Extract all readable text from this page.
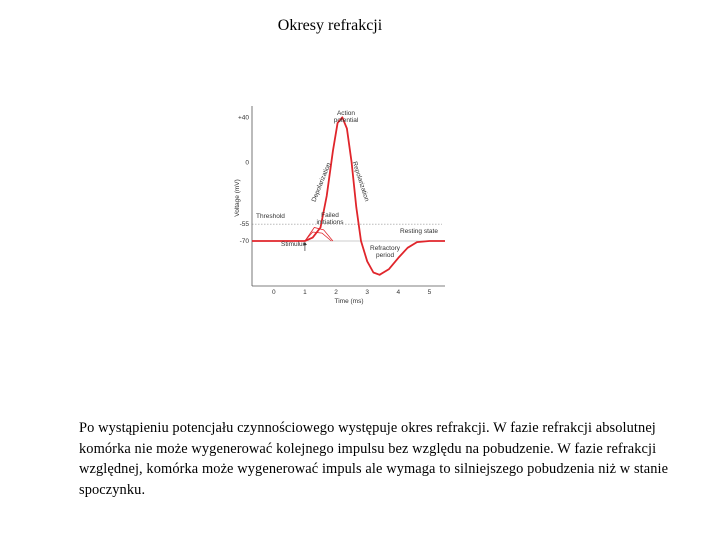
Okresy refrakcji
0	1	2	3	4	5
+40
0
-55
-70
Voltage (mV)
Time (ms)
Action
potential
Depolarization	Repolarization
Failed
initiations
Threshold
Resting state
Stimulus
Refractory
period
Po wystąpieniu potencjału czynnościowego występuje okres refrakcji. W fazie refrakcji absolutnej komórka nie może wygenerować kolejnego impulsu bez względu na pobudzenie. W fazie refrakcji względnej, komórka może wygenerować impuls ale wymaga to silniejszego pobudzenia niż w stanie spoczynku.
